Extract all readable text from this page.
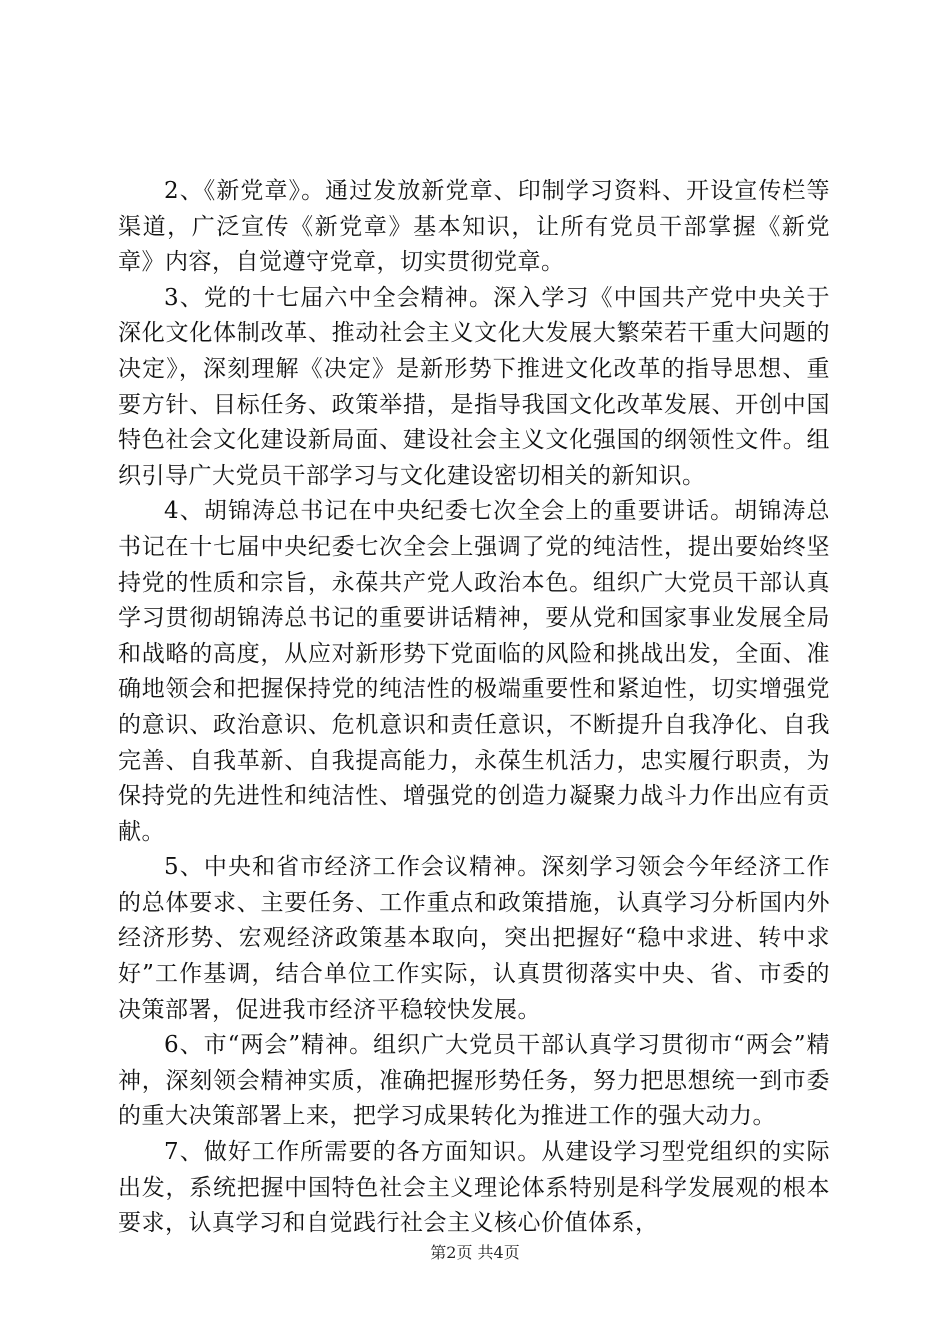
2、《新党章》。通过发放新党章、印制学习资料、开设宣传栏等渠道，广泛宣传《新党章》基本知识，让所有党员干部掌握《新党章》内容，自觉遵守党章，切实贯彻党章。

3、党的十七届六中全会精神。深入学习《中国共产党中央关于深化文化体制改革、推动社会主义文化大发展大繁荣若干重大问题的决定》，深刻理解《决定》是新形势下推进文化改革的指导思想、重要方针、目标任务、政策举措，是指导我国文化改革发展、开创中国特色社会文化建设新局面、建设社会主义文化强国的纲领性文件。组织引导广大党员干部学习与文化建设密切相关的新知识。

4、胡锦涛总书记在中央纪委七次全会上的重要讲话。胡锦涛总书记在十七届中央纪委七次全会上强调了党的纯洁性，提出要始终坚持党的性质和宗旨，永葆共产党人政治本色。组织广大党员干部认真学习贯彻胡锦涛总书记的重要讲话精神，要从党和国家事业发展全局和战略的高度，从应对新形势下党面临的风险和挑战出发，全面、准确地领会和把握保持党的纯洁性的极端重要性和紧迫性，切实增强党的意识、政治意识、危机意识和责任意识，不断提升自我净化、自我完善、自我革新、自我提高能力，永葆生机活力，忠实履行职责，为保持党的先进性和纯洁性、增强党的创造力凝聚力战斗力作出应有贡献。

5、中央和省市经济工作会议精神。深刻学习领会今年经济工作的总体要求、主要任务、工作重点和政策措施，认真学习分析国内外经济形势、宏观经济政策基本取向，突出把握好“稳中求进、转中求好”工作基调，结合单位工作实际，认真贯彻落实中央、省、市委的决策部署，促进我市经济平稳较快发展。

6、市“两会”精神。组织广大党员干部认真学习贯彻市“两会”精神，深刻领会精神实质，准确把握形势任务，努力把思想统一到市委的重大决策部署上来，把学习成果转化为推进工作的强大动力。

7、做好工作所需要的各方面知识。从建设学习型党组织的实际出发，系统把握中国特色社会主义理论体系特别是科学发展观的根本要求，认真学习和自觉践行社会主义核心价值体系，

第2页 共4页
